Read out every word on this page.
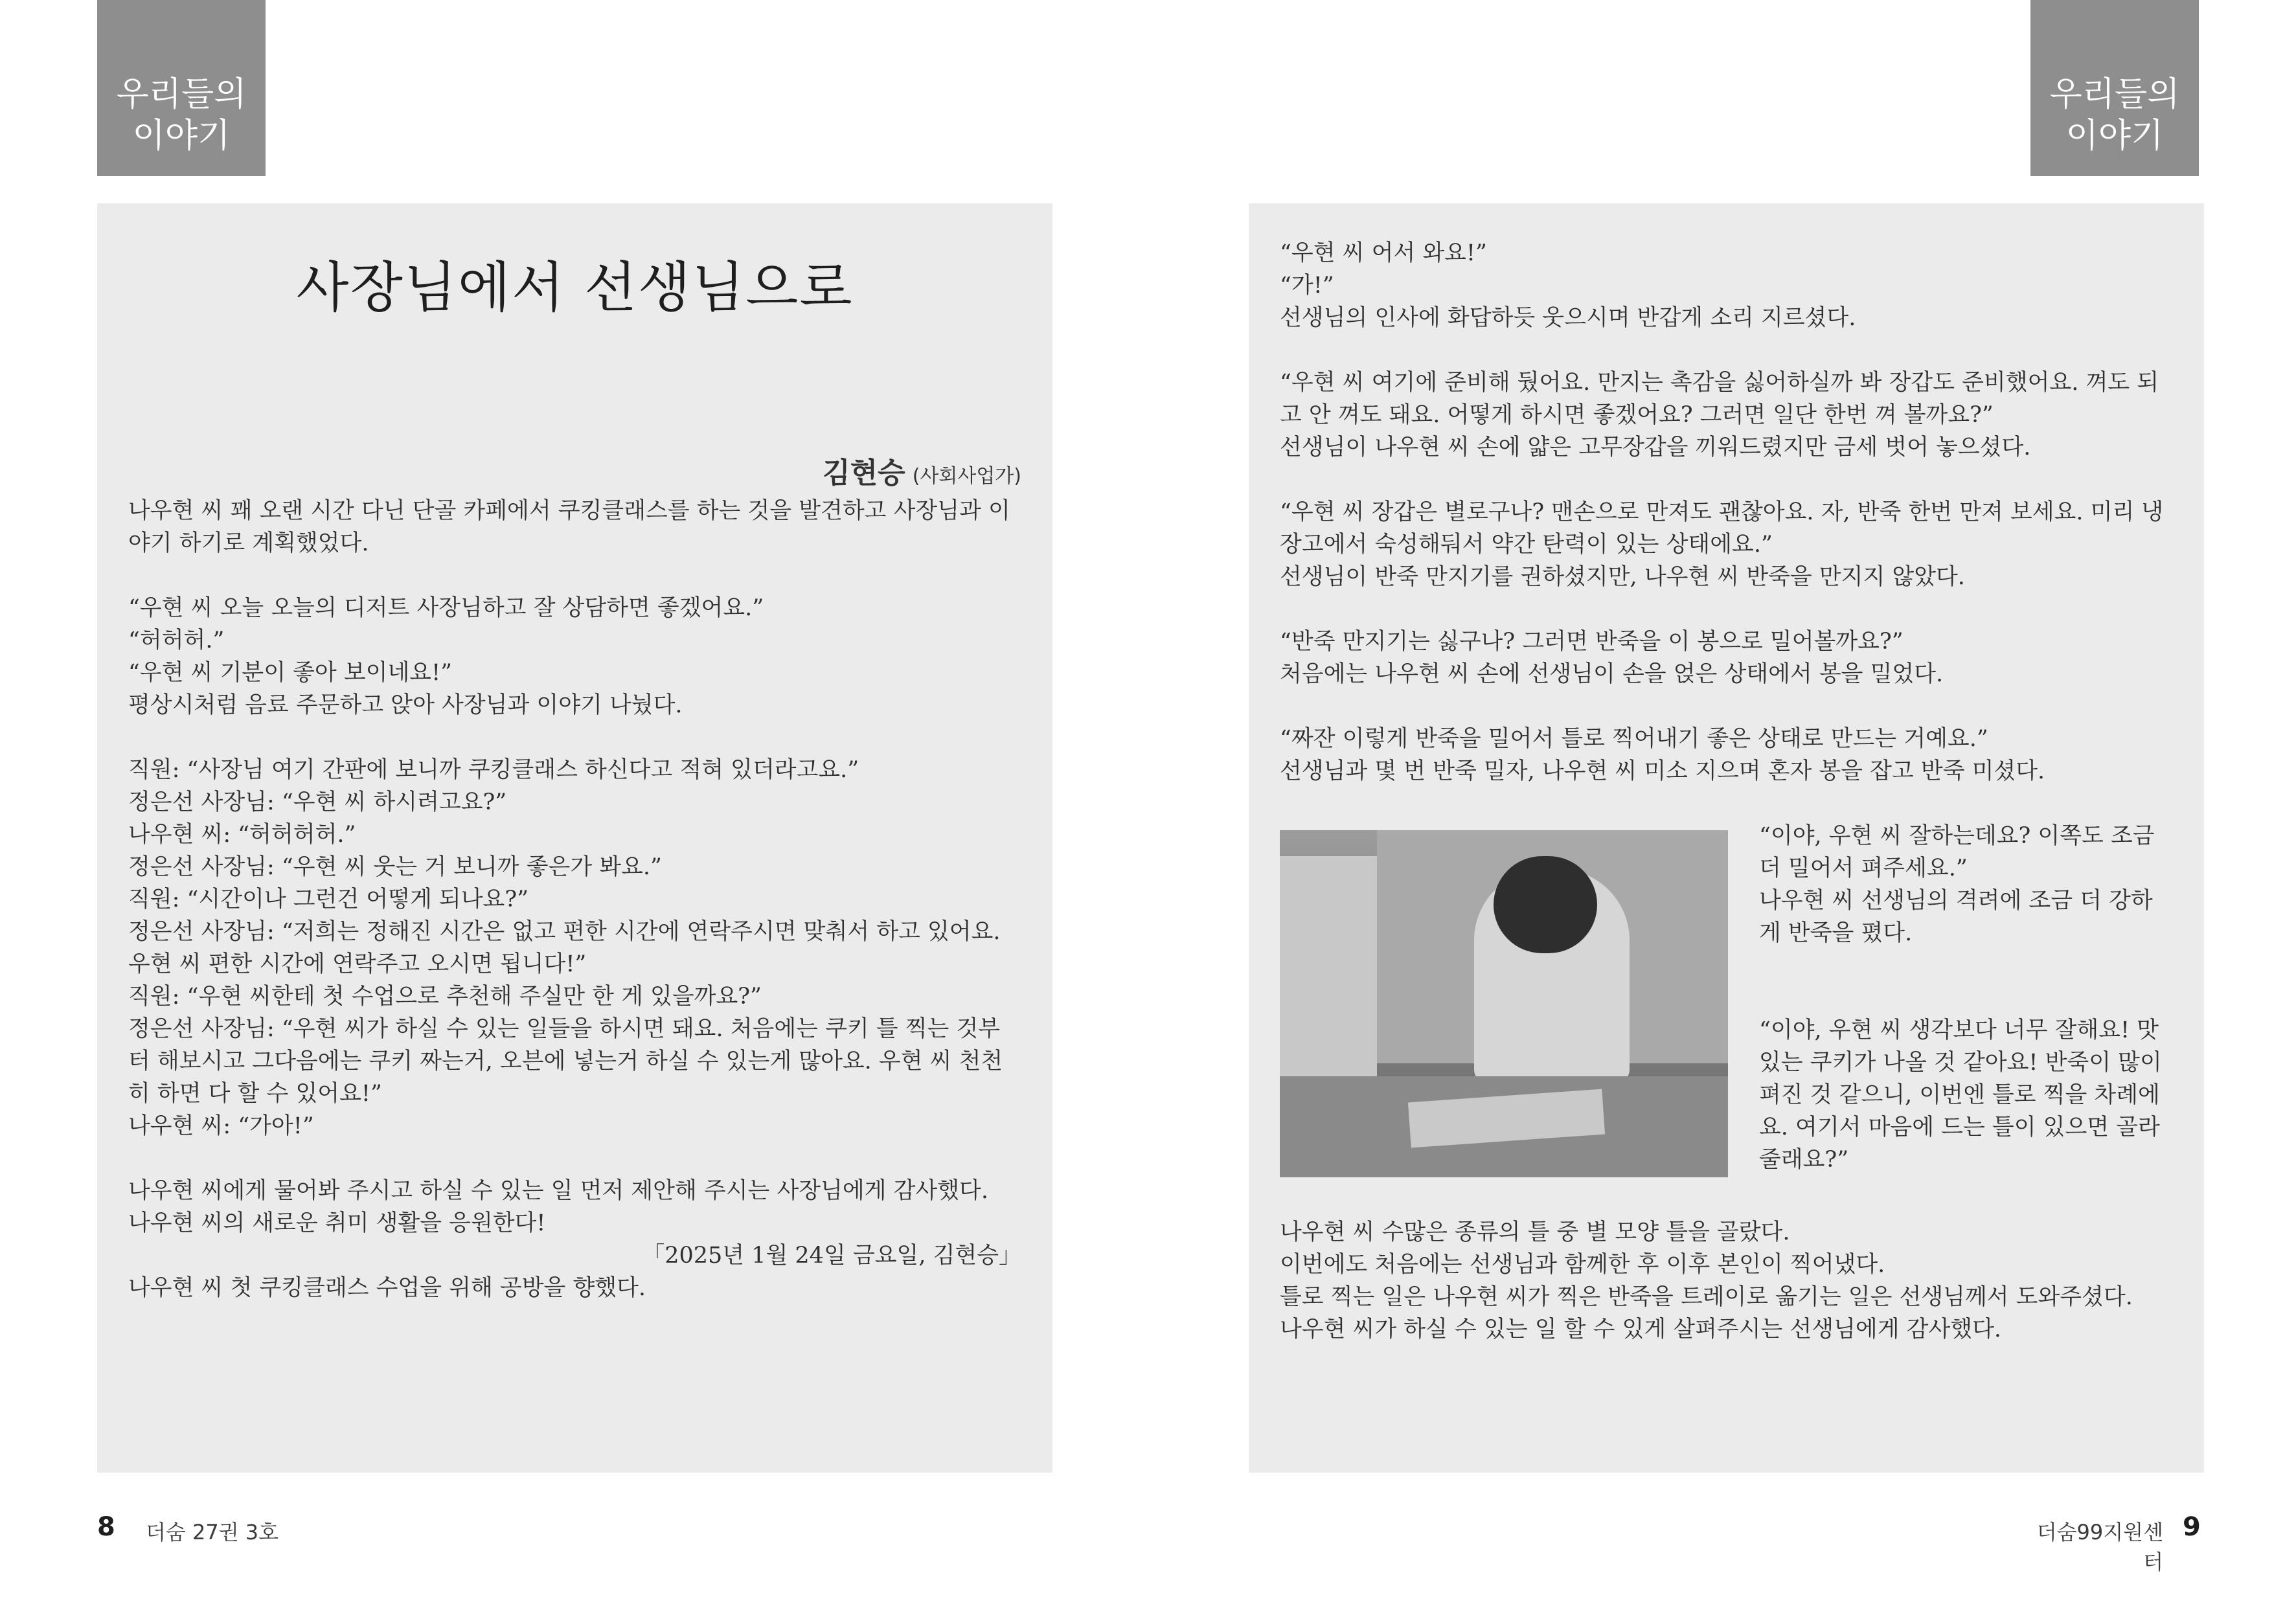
우리들의
이야기
우리들의
이야기
사장님에서 선생님으로
김현승 (사회사업가)

나우현 씨 꽤 오랜 시간 다닌 단골 카페에서 쿠킹클래스를 하는 것을 발견하고 사장님과 이야기 하기로 계획했었다.

“우현 씨 오늘 오늘의 디저트 사장님하고 잘 상담하면 좋겠어요.”

“허허허.”

“우현 씨 기분이 좋아 보이네요!”

평상시처럼 음료 주문하고 앉아 사장님과 이야기 나눴다.

직원: “사장님 여기 간판에 보니까 쿠킹클래스 하신다고 적혀 있더라고요.”

정은선 사장님: “우현 씨 하시려고요?”

나우현 씨: “허허허허.”

정은선 사장님: “우현 씨 웃는 거 보니까 좋은가 봐요.”

직원: “시간이나 그런건 어떻게 되나요?”

정은선 사장님: “저희는 정해진 시간은 없고 편한 시간에 연락주시면 맞춰서 하고 있어요. 우현 씨 편한 시간에 연락주고 오시면 됩니다!”

직원: “우현 씨한테 첫 수업으로 추천해 주실만 한 게 있을까요?”

정은선 사장님: “우현 씨가 하실 수 있는 일들을 하시면 돼요. 처음에는 쿠키 틀 찍는 것부터 해보시고 그다음에는 쿠키 짜는거, 오븐에 넣는거 하실 수 있는게 많아요. 우현 씨 천천히 하면 다 할 수 있어요!”

나우현 씨: “가아!”

나우현 씨에게 물어봐 주시고 하실 수 있는 일 먼저 제안해 주시는 사장님에게 감사했다.

나우현 씨의 새로운 취미 생활을 응원한다!

「2025년 1월 24일 금요일, 김현승」

나우현 씨 첫 쿠킹클래스 수업을 위해 공방을 향했다.

“우현 씨 어서 와요!”

“가!”

선생님의 인사에 화답하듯 웃으시며 반갑게 소리 지르셨다.

“우현 씨 여기에 준비해 뒀어요. 만지는 촉감을 싫어하실까 봐 장갑도 준비했어요. 껴도 되고 안 껴도 돼요. 어떻게 하시면 좋겠어요? 그러면 일단 한번 껴 볼까요?”

선생님이 나우현 씨 손에 얇은 고무장갑을 끼워드렸지만 금세 벗어 놓으셨다.

“우현 씨 장갑은 별로구나? 맨손으로 만져도 괜찮아요. 자, 반죽 한번 만져 보세요. 미리 냉장고에서 숙성해둬서 약간 탄력이 있는 상태에요.”

선생님이 반죽 만지기를 권하셨지만, 나우현 씨 반죽을 만지지 않았다.

“반죽 만지기는 싫구나? 그러면 반죽을 이 봉으로 밀어볼까요?”

처음에는 나우현 씨 손에 선생님이 손을 얹은 상태에서 봉을 밀었다.

“짜잔 이렇게 반죽을 밀어서 틀로 찍어내기 좋은 상태로 만드는 거예요.”

선생님과 몇 번 반죽 밀자, 나우현 씨 미소 지으며 혼자 봉을 잡고 반죽 미셨다.

“이야, 우현 씨 잘하는데요? 이쪽도 조금 더 밀어서 펴주세요.”

나우현 씨 선생님의 격려에 조금 더 강하게 반죽을 폈다.

“이야, 우현 씨 생각보다 너무 잘해요! 맛있는 쿠키가 나올 것 같아요! 반죽이 많이 펴진 것 같으니, 이번엔 틀로 찍을 차례에요. 여기서 마음에 드는 틀이 있으면 골라줄래요?”

나우현 씨 수많은 종류의 틀 중 별 모양 틀을 골랐다.

이번에도 처음에는 선생님과 함께한 후 이후 본인이 찍어냈다.

틀로 찍는 일은 나우현 씨가 찍은 반죽을 트레이로 옮기는 일은 선생님께서 도와주셨다.

나우현 씨가 하실 수 있는 일 할 수 있게 살펴주시는 선생님에게 감사했다.

8 더숨 27권 3호	더숨99지원센터
9
